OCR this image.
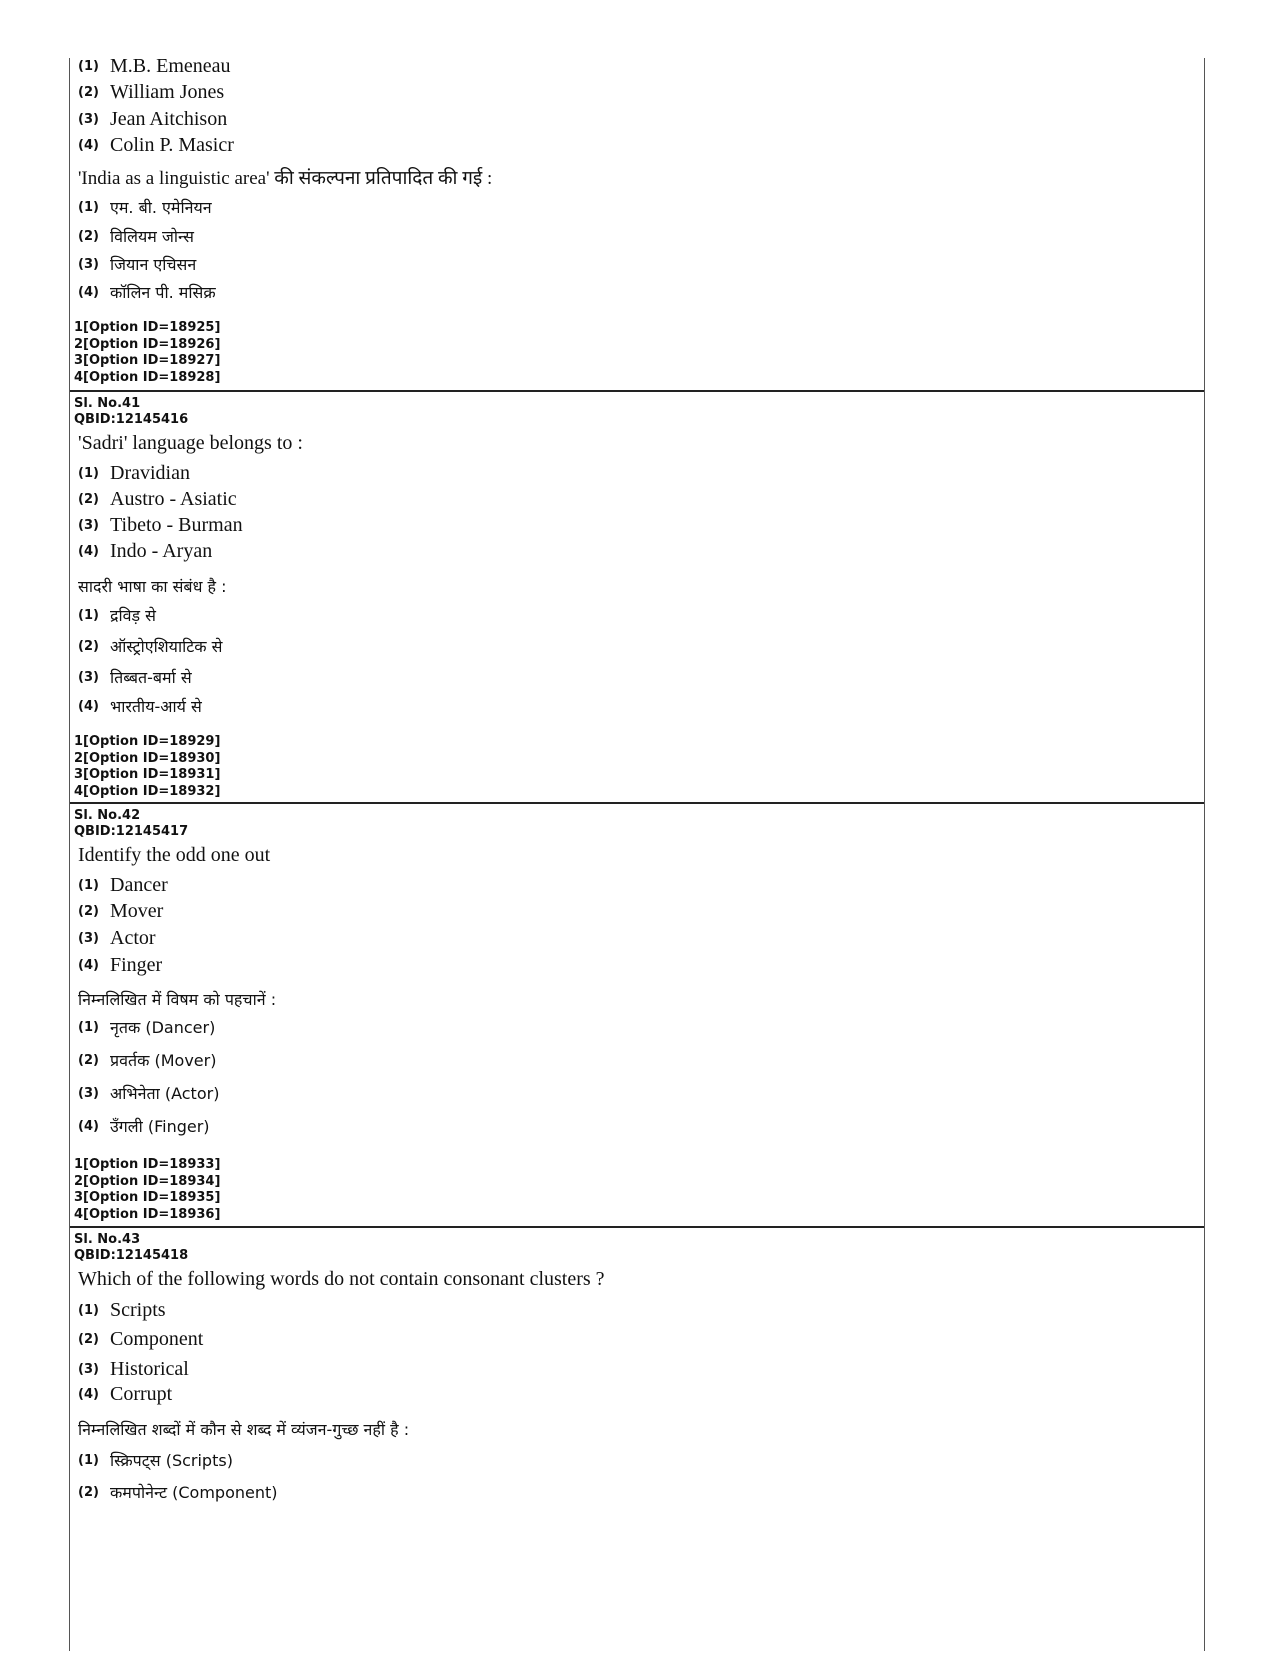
(1) M.B. Emeneau
(2) William Jones
(3) Jean Aitchison
(4) Colin P. Masicr
'India as a linguistic area' की संकल्पना प्रतिपादित की गई :
(1) एम. बी. एमेनियन
(2) विलियम जोन्स
(3) जियान एचिसन
(4) कॉलिन पी. मसिक्र
1[Option ID=18925]
2[Option ID=18926]
3[Option ID=18927]
4[Option ID=18928]
Sl. No.41
QBID:12145416
'Sadri' language belongs to :
(1) Dravidian
(2) Austro - Asiatic
(3) Tibeto - Burman
(4) Indo - Aryan
सादरी भाषा का संबंध है :
(1) द्रविड़ से
(2) ऑस्ट्रोएशियाटिक से
(3) तिब्बत-बर्मा से
(4) भारतीय-आर्य से
1[Option ID=18929]
2[Option ID=18930]
3[Option ID=18931]
4[Option ID=18932]
Sl. No.42
QBID:12145417
Identify the odd one out
(1) Dancer
(2) Mover
(3) Actor
(4) Finger
निम्नलिखित में विषम को पहचानें :
(1) नृतक (Dancer)
(2) प्रवर्तक (Mover)
(3) अभिनेता (Actor)
(4) उँगली (Finger)
1[Option ID=18933]
2[Option ID=18934]
3[Option ID=18935]
4[Option ID=18936]
Sl. No.43
QBID:12145418
Which of the following words do not contain consonant clusters ?
(1) Scripts
(2) Component
(3) Historical
(4) Corrupt
निम्नलिखित शब्दों में कौन से शब्द में व्यंजन-गुच्छ नहीं है :
(1) स्क्रिपट्स (Scripts)
(2) कमपोनेन्ट (Component)
